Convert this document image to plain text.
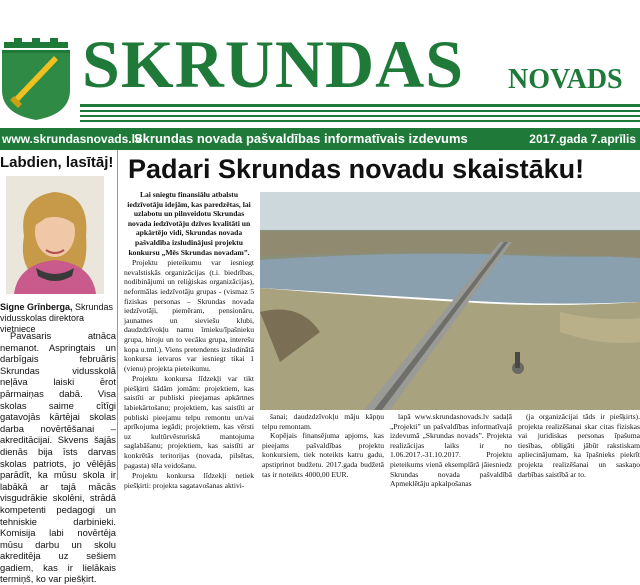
SKRUNDAS NOVADS
www.skrundasnovads.lv
Skrundas novada pašvaldības informatīvais izdevums	2017.gada 7.aprīlis
Labdien, lasītāj!
Signe Grīnberga, Skrundas vidusskolas direktora vietniece
Pavasaris atnāca nemanot. Aspringtais un darbīgais februāris Skrundas vidusskolā neļāva laiski ērot pārmaiņas dabā. Visa skolas saime cītīgi gatavojās kārtējai skolas darba novērtēšanai – akreditācijai. Skvens šajās dienās bija īsts darvas skolas patriots, jo vēlējās parādīt, ka mūsu skola ir labākā ar tajā mācās visgudrākie skolēni, strādā kompetenti pedagogi un tehniskie darbinieki. Komisija labi novērtēja mūsu darbu un skolu akreditēja uz sešiem gadiem, kas ir lielākais termiņš, ko var piešķirt.
Padari Skrundas novadu skaistāku!

Lai sniegtu finansiālu atbalstu iedzīvotāju idejām, kas paredzētas, lai uzlabotu un pilnveidotu Skrundas novada iedzīvotāju dzīves kvalitāti un apkārtējo vidi, Skrundas novada pašvaldība izsludinājusi projektu konkursu „Mēs Skrundas novadam”.

Projektu pieteikumu var iesniegt nevalstiskās organizācijas (t.i. biedrības, nodibinājumi un reliģiskas organizācijas), neformālas iedzīvotāju grupas - (vismaz 5 fiziskas personas – Skrundas novada iedzīvotāji, piemēram, pensionāru, jaunatnes un sieviešu klubi, daudzdzīvokļu namu īrnieku/īpašnieku grupa, biroju un to vecāku grupa, interešu kopa u.tml.). Viens pretendents izsludinātā konkursa ietvaros var iesniegt tikai 1 (vienu) projekta pieteikumu.

Projektu konkursa līdzekļi var tikt piešķirti šādām jomām: projektiem, kas saistīti ar publiski pieejamas apkārtnes labiekārtošanu; projektiem, kas saistīti ar publiski pieejamu telpu remontu un/vai aprīkojuma iegādi; projektiem, kas vērsti uz kultūrvēsturiskā mantojuma saglabāšanu; projektiem, kas saistīti ar konkrētās teritorijas (novada, pilsētas, pagasta) tēla veidošanu.

Projektu konkursa līdzekļi netiek piešķirti: projekta sagatavošanas aktivi-

šanai; daudzdzīvokļu māju kāpņu telpu remontam.

Kopējais finansējuma apjoms, kas pieejams pašvaldības projektu konkursiem, tiek noteikts katru gadu, apstiprinot budžetu. 2017.gada budžetā tas ir noteikts 4000,00 EUR.

lapā www.skrundasnovads.lv sadaļā „Projekti” un pašvaldības informatīvajā izdevumā „Skrundas novads”. Projekta realizācijas laiks ir no 1.06.2017.-31.10.2017. Projektu pieteikums vienā eksemplārā jāiesniedz Skrundas novada pašvaldībā Apmeklētāju apkalpošanas

(ja organizācijai tāds ir piešķirts). projekta realizēšanai skar citas fiziskas vai juridiskas personas īpašuma tiesības, obligāti jābūt rakstiskam apliecinājumam, ka īpašnieks piekrīt projekta realizēšanai un saskaņo darbības saistībā ar to.
